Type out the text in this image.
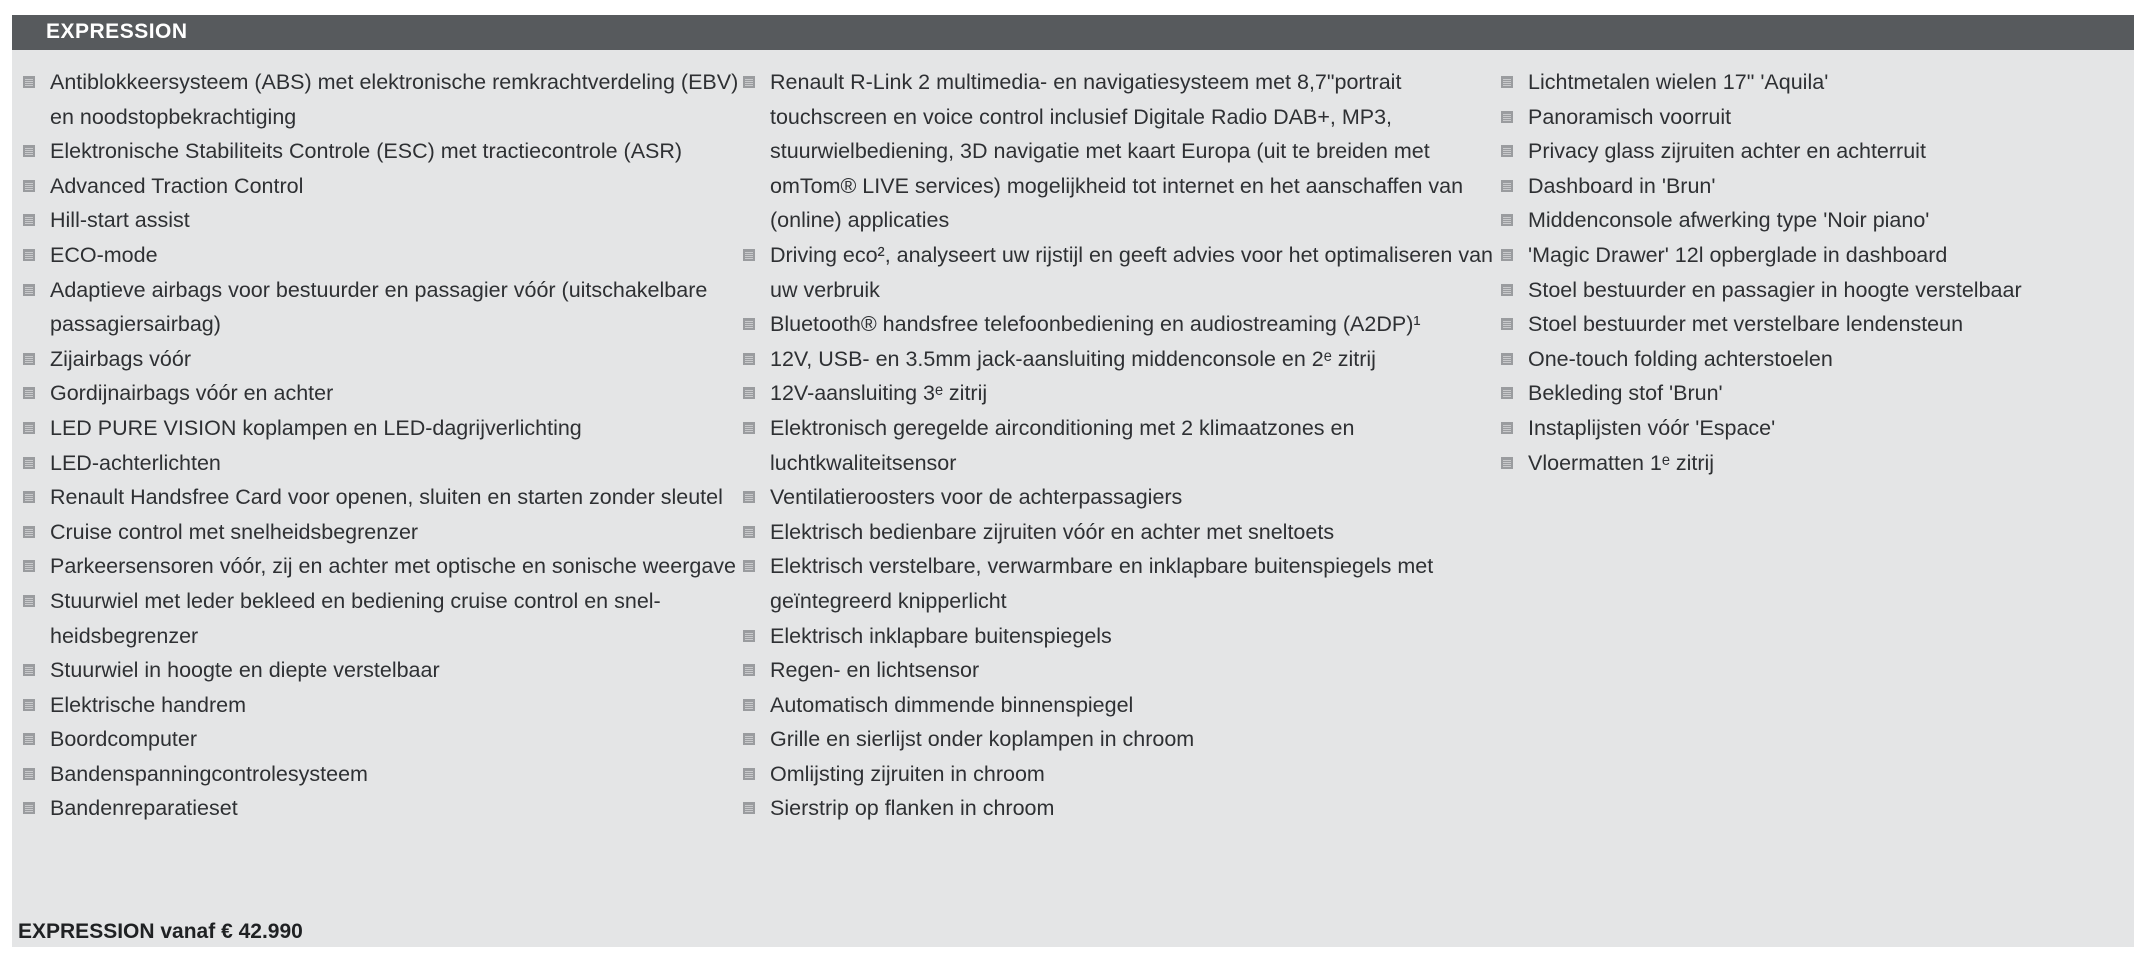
EXPRESSION
Antiblokkeersysteem (ABS) met elektronische remkrachtverdeling (EBV) en noodstopbekrachtiging
Elektronische Stabiliteits Controle (ESC) met tractiecontrole (ASR)
Advanced Traction Control
Hill-start assist
ECO-mode
Adaptieve airbags voor bestuurder en passagier vóór (uitschakelbare passagiersairbag)
Zijairbags vóór
Gordijnairbags vóór en achter
LED PURE VISION koplampen en LED-dagrijverlichting
LED-achterlichten
Renault Handsfree Card voor openen, sluiten en starten zonder sleutel
Cruise control met snelheidsbegrenzer
Parkeersensoren vóór, zij en achter met optische en sonische weergave
Stuurwiel met leder bekleed en bediening cruise control en snel-heidsbegrenzer
Stuurwiel in hoogte en diepte verstelbaar
Elektrische handrem
Boordcomputer
Bandenspanningcontrolesysteem
Bandenreparatieset
Renault R-Link 2 multimedia- en navigatiesysteem met 8,7"portrait touchscreen en voice control inclusief Digitale Radio DAB+, MP3, stuurwielbediening, 3D navigatie met kaart Europa (uit te breiden met omTom® LIVE services) mogelijkheid tot internet en het aanschaffen van (online) applicaties
Driving eco², analyseert uw rijstijl en geeft advies voor het optimaliseren van uw verbruik
Bluetooth® handsfree telefoonbediening en audiostreaming (A2DP)¹
12V, USB- en 3.5mm jack-aansluiting middenconsole en 2ᵉ zitrij
12V-aansluiting 3ᵉ zitrij
Elektronisch geregelde airconditioning met 2 klimaatzones en luchtkwaliteitsensor
Ventilatieroosters voor de achterpassagiers
Elektrisch bedienbare zijruiten vóór en achter met sneltoets
Elektrisch verstelbare, verwarmbare en inklapbare buitenspiegels met geïntegreerd knipperlicht
Elektrisch inklapbare buitenspiegels
Regen- en lichtsensor
Automatisch dimmende binnenspiegel
Grille en sierlijst onder koplampen in chroom
Omlijsting zijruiten in chroom
Sierstrip op flanken in chroom
Lichtmetalen wielen 17" 'Aquila'
Panoramisch voorruit
Privacy glass zijruiten achter en achterruit
Dashboard in 'Brun'
Middenconsole afwerking type 'Noir piano'
'Magic Drawer' 12l opberglade in dashboard
Stoel bestuurder en passagier in hoogte verstelbaar
Stoel bestuurder met verstelbare lendensteun
One-touch folding achterstoelen
Bekleding stof 'Brun'
Instaplijsten vóór 'Espace'
Vloermatten 1ᵉ zitrij
EXPRESSION vanaf € 42.990
